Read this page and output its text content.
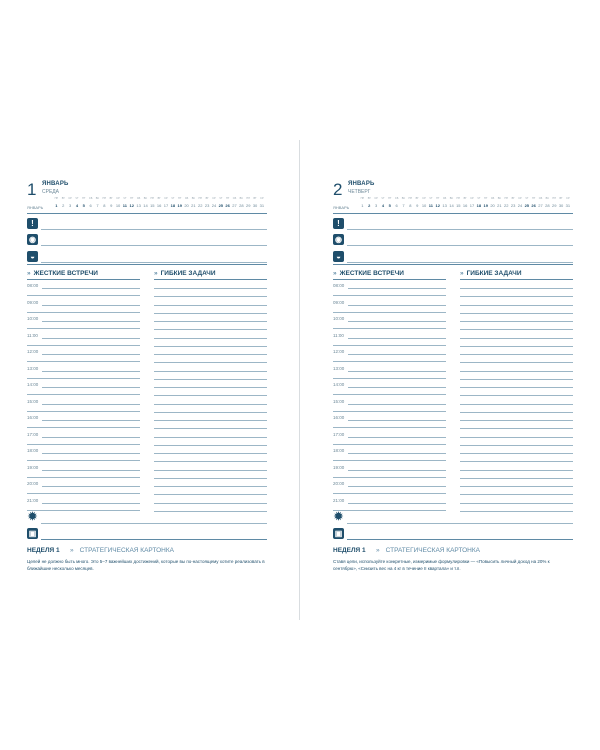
1 ЯНВАРЬ
СРЕДА
ЯНВАРЬ
ПН
1
ВТ
2
СР
3
ЧТ
4
ПТ
5
СБ
6
ВС
7
ПН
8
ВТ
9
СР
10
ЧТ
11
ПТ
12
СБ
13
ВС
14
ПН
15
ВТ
16
СР
17
ЧТ
18
ПТ
19
СБ
20
ВС
21
ПН
22
ВТ
23
СР
24
ЧТ
25
ПТ
26
СБ
27
ВС
28
ПН
29
ВТ
30
СР
31
!
◉
◒
» ЖЕСТКИЕ ВСТРЕЧИ	» ГИБКИЕ ЗАДАЧИ
08:00
09:00
10:00
11:00
12:00
13:00
14:00
15:00
16:00
17:00
18:00
19:00
20:00
21:00
✹
▣
НЕДЕЛЯ 1 » СТРАТЕГИЧЕСКАЯ КАРТОНКА
Целей не должно быть много. Это 5–7 важнейших достижений, которые вы по-настоящему хотите реализовать в ближайшие несколько месяцев.
2 ЯНВАРЬ
ЧЕТВЕРГ
ЯНВАРЬ
ПН
1
ВТ
2
СР
3
ЧТ
4
ПТ
5
СБ
6
ВС
7
ПН
8
ВТ
9
СР
10
ЧТ
11
ПТ
12
СБ
13
ВС
14
ПН
15
ВТ
16
СР
17
ЧТ
18
ПТ
19
СБ
20
ВС
21
ПН
22
ВТ
23
СР
24
ЧТ
25
ПТ
26
СБ
27
ВС
28
ПН
29
ВТ
30
СР
31
!
◉
◒
» ЖЕСТКИЕ ВСТРЕЧИ	» ГИБКИЕ ЗАДАЧИ
08:00
09:00
10:00
11:00
12:00
13:00
14:00
15:00
16:00
17:00
18:00
19:00
20:00
21:00
✹
▣
НЕДЕЛЯ 1 » СТРАТЕГИЧЕСКАЯ КАРТОНКА
Ставя цели, используйте конкретные, измеримые формулировки — «Повысить личный доход на 20% к сентябрю», «Снизить вес на 4 кг в течение II квартала» и т.п.
